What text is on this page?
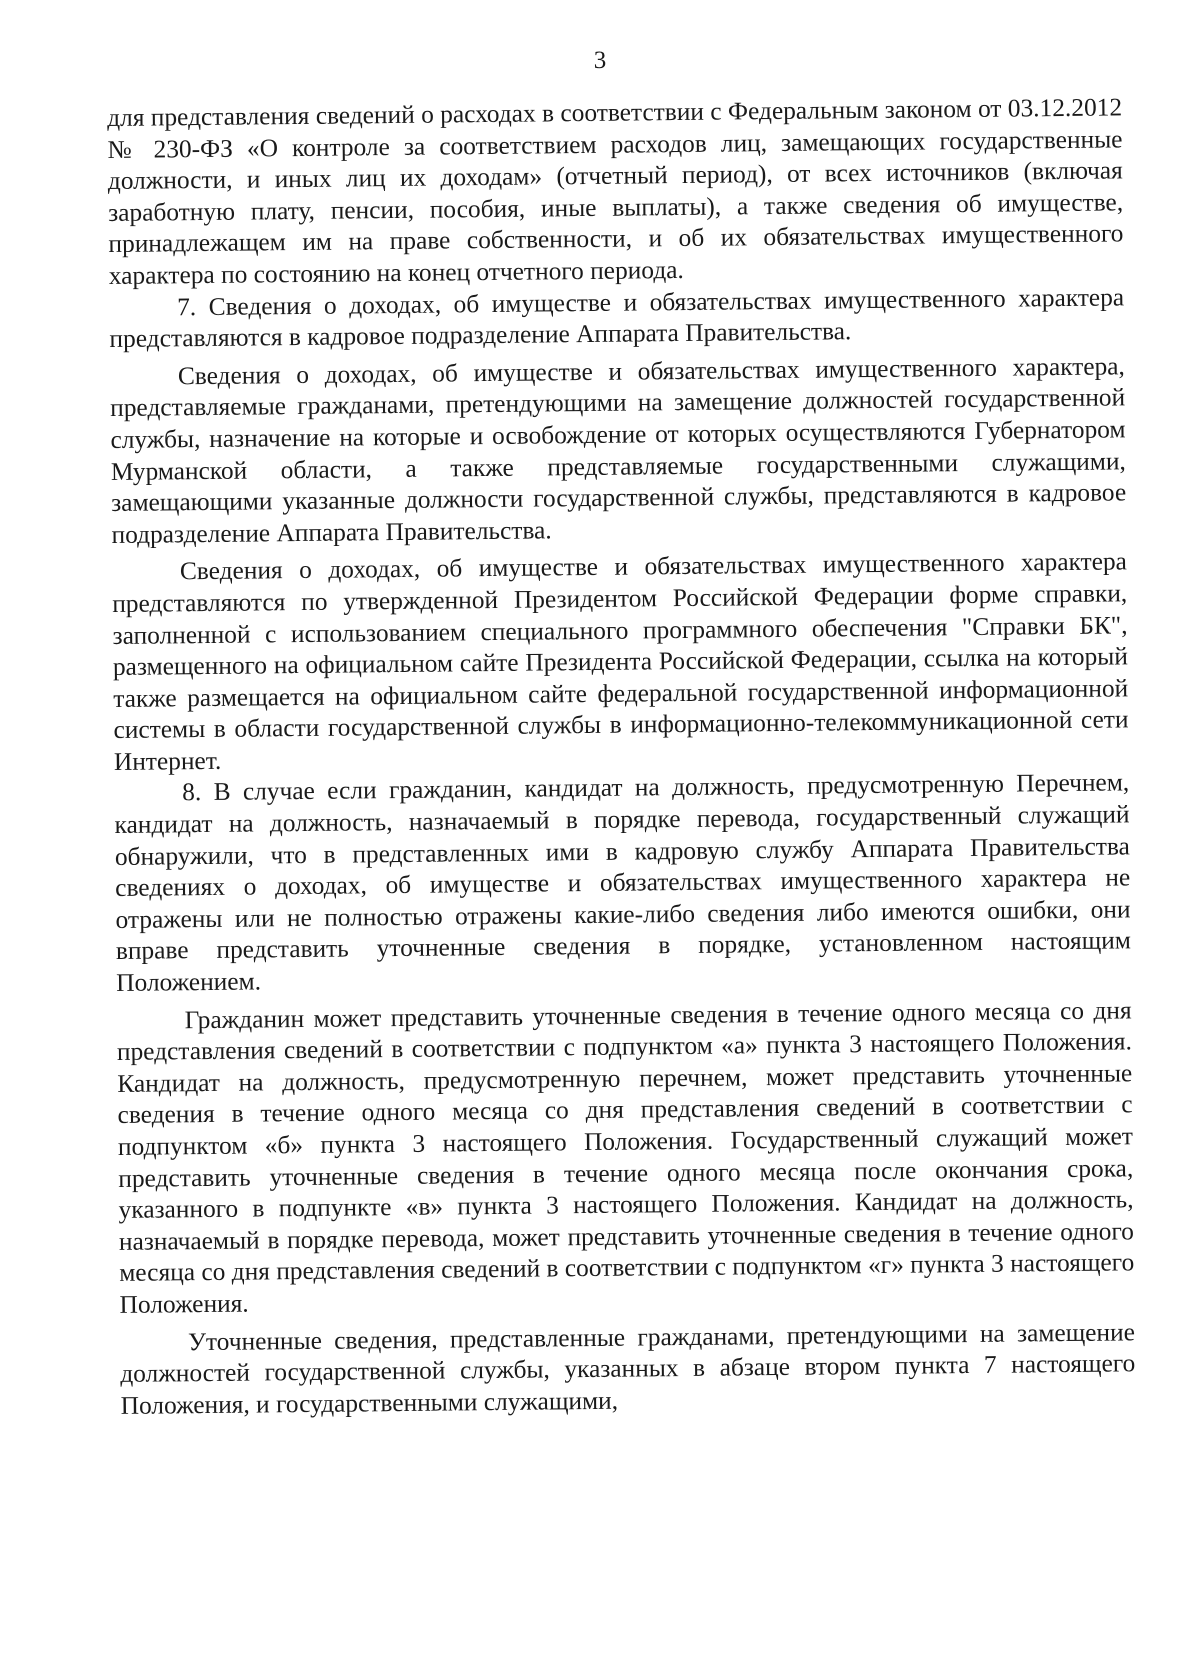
3

для представления сведений о расходах в соответствии с Федеральным законом от 03.12.2012 № 230-ФЗ «О контроле за соответствием расходов лиц, замещающих государственные должности, и иных лиц их доходам» (отчетный период), от всех источников (включая заработную плату, пенсии, пособия, иные выплаты), а также сведения об имуществе, принадлежащем им на праве собственности, и об их обязательствах имущественного характера по состоянию на конец отчетного периода.

7. Сведения о доходах, об имуществе и обязательствах имущественного характера представляются в кадровое подразделение Аппарата Правительства.

Сведения о доходах, об имуществе и обязательствах имущественного характера, представляемые гражданами, претендующими на замещение должностей государственной службы, назначение на которые и освобождение от которых осуществляются Губернатором Мурманской области, а также представляемые государственными служащими, замещающими указанные должности государственной службы, представляются в кадровое подразделение Аппарата Правительства.

Сведения о доходах, об имуществе и обязательствах имущественного характера представляются по утвержденной Президентом Российской Федерации форме справки, заполненной с использованием специального программного обеспечения "Справки БК", размещенного на официальном сайте Президента Российской Федерации, ссылка на который также размещается на официальном сайте федеральной государственной информационной системы в области государственной службы в информационно-телекоммуникационной сети Интернет.

8. В случае если гражданин, кандидат на должность, предусмотренную Перечнем, кандидат на должность, назначаемый в порядке перевода, государственный служащий обнаружили, что в представленных ими в кадровую службу Аппарата Правительства сведениях о доходах, об имуществе и обязательствах имущественного характера не отражены или не полностью отражены какие-либо сведения либо имеются ошибки, они вправе представить уточненные сведения в порядке, установленном настоящим Положением.

Гражданин может представить уточненные сведения в течение одного месяца со дня представления сведений в соответствии с подпунктом «а» пункта 3 настоящего Положения. Кандидат на должность, предусмотренную перечнем, может представить уточненные сведения в течение одного месяца со дня представления сведений в соответствии с подпунктом «б» пункта 3 настоящего Положения. Государственный служащий может представить уточненные сведения в течение одного месяца после окончания срока, указанного в подпункте «в» пункта 3 настоящего Положения. Кандидат на должность, назначаемый в порядке перевода, может представить уточненные сведения в течение одного месяца со дня представления сведений в соответствии с подпунктом «г» пункта 3 настоящего Положения.

Уточненные сведения, представленные гражданами, претендующими на замещение должностей государственной службы, указанных в абзаце втором пункта 7 настоящего Положения, и государственными служащими,
